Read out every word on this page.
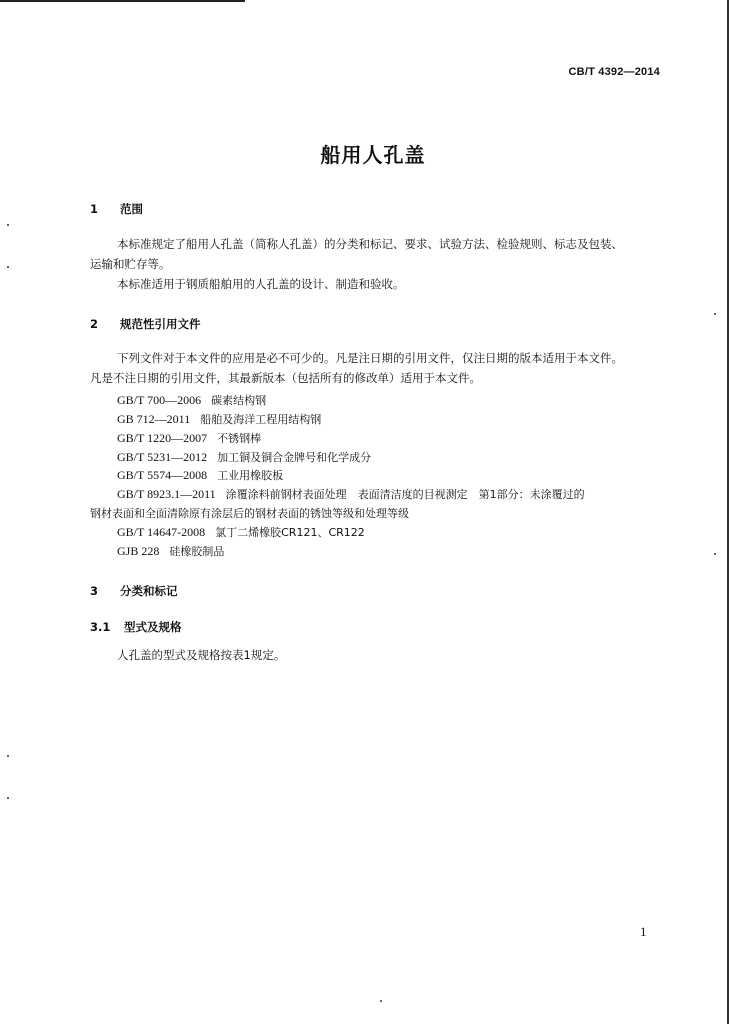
CB/T 4392—2014
船用人孔盖
1 范围
本标准规定了船用人孔盖（简称人孔盖）的分类和标记、要求、试验方法、检验规则、标志及包装、
运输和贮存等。
本标准适用于钢质船舶用的人孔盖的设计、制造和验收。
2 规范性引用文件
下列文件对于本文件的应用是必不可少的。凡是注日期的引用文件，仅注日期的版本适用于本文件。
凡是不注日期的引用文件，其最新版本（包括所有的修改单）适用于本文件。
GB/T 700—2006 碳素结构钢
GB 712—2011 船舶及海洋工程用结构钢
GB/T 1220—2007 不锈钢棒
GB/T 5231—2012 加工铜及铜合金牌号和化学成分
GB/T 5574—2008 工业用橡胶板
GB/T 8923.1—2011 涂覆涂料前钢材表面处理　表面清洁度的目视测定　第1部分：未涂覆过的
钢材表面和全面清除原有涂层后的钢材表面的锈蚀等级和处理等级
GB/T 14647-2008 氯丁二烯橡胶CR121、CR122
GJB 228 硅橡胶制品
3 分类和标记
3.1 型式及规格
人孔盖的型式及规格按表1规定。
1
